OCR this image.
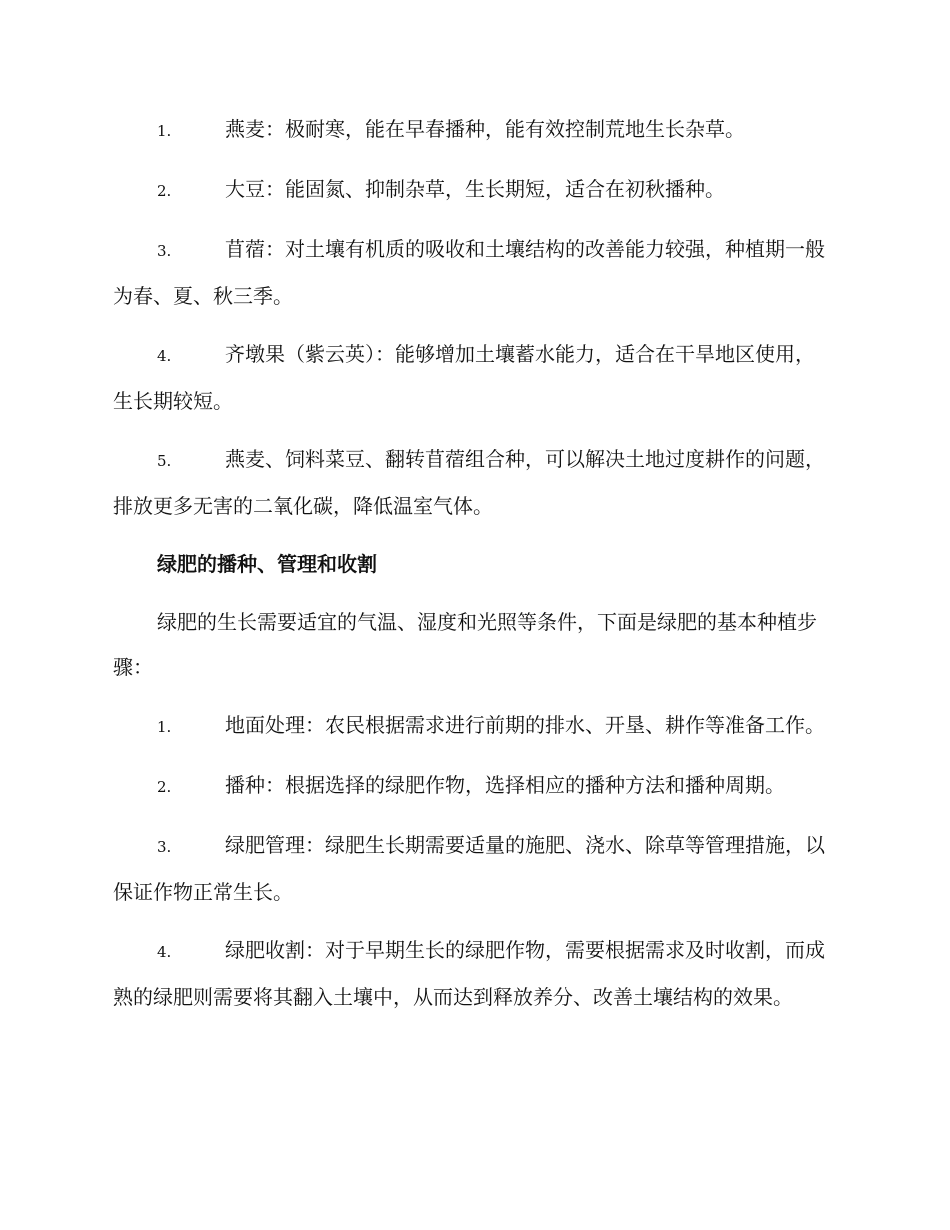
1.	燕麦：极耐寒，能在早春播种，能有效控制荒地生长杂草。
2.	大豆：能固氮、抑制杂草，生长期短，适合在初秋播种。
3.	苜蓿：对土壤有机质的吸收和土壤结构的改善能力较强，种植期一般为春、夏、秋三季。
4.	齐墩果（紫云英）：能够增加土壤蓄水能力，适合在干旱地区使用，生长期较短。
5.	燕麦、饲料菜豆、翻转苜蓿组合种，可以解决土地过度耕作的问题，排放更多无害的二氧化碳，降低温室气体。
绿肥的播种、管理和收割
绿肥的生长需要适宜的气温、湿度和光照等条件，下面是绿肥的基本种植步骤：
1.	地面处理：农民根据需求进行前期的排水、开垦、耕作等准备工作。
2.	播种：根据选择的绿肥作物，选择相应的播种方法和播种周期。
3.	绿肥管理：绿肥生长期需要适量的施肥、浇水、除草等管理措施，以保证作物正常生长。
4.	绿肥收割：对于早期生长的绿肥作物，需要根据需求及时收割，而成熟的绿肥则需要将其翻入土壤中，从而达到释放养分、改善土壤结构的效果。
